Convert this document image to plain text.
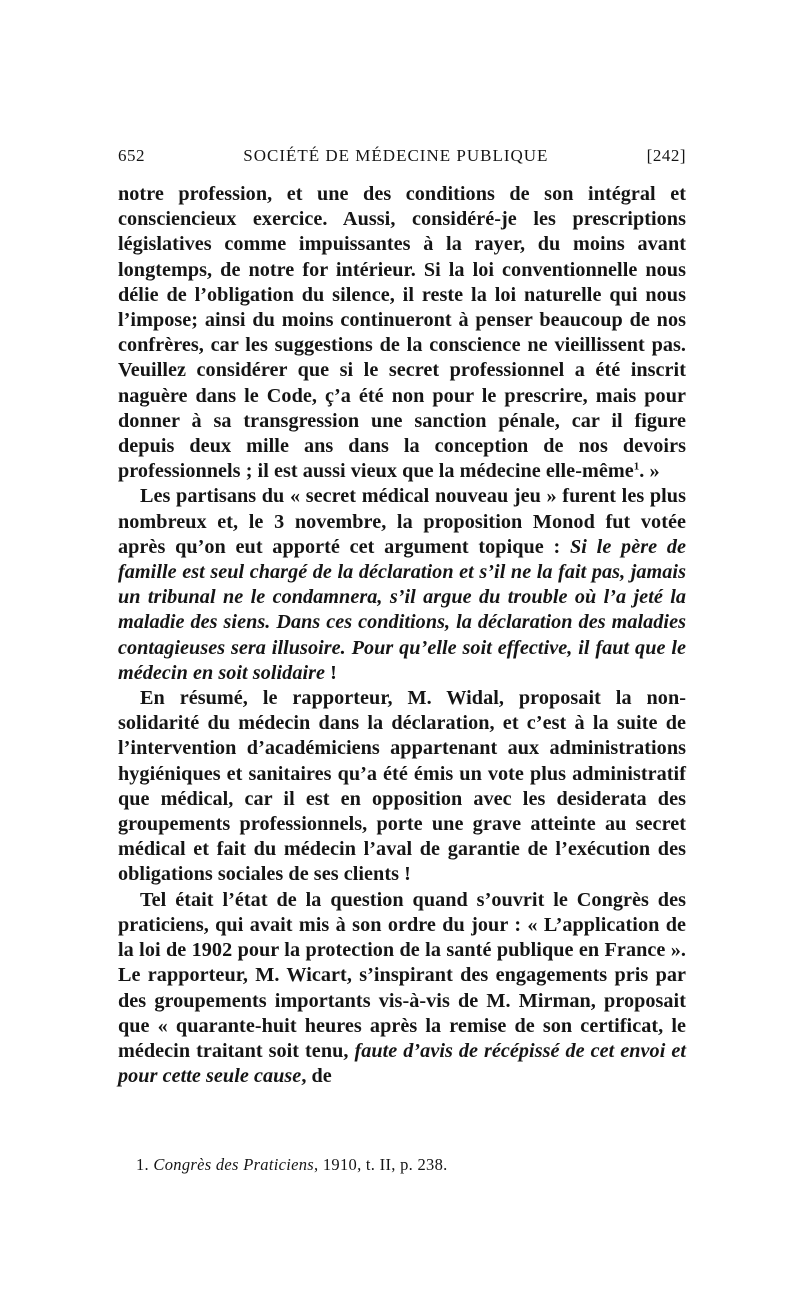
652	SOCIÉTÉ DE MÉDECINE PUBLIQUE	[242]

notre profession, et une des conditions de son intégral et consciencieux exercice. Aussi, considéré-je les prescriptions législatives comme impuissantes à la rayer, du moins avant longtemps, de notre for intérieur. Si la loi conventionnelle nous délie de l’obligation du silence, il reste la loi naturelle qui nous l’impose; ainsi du moins continueront à penser beaucoup de nos confrères, car les suggestions de la conscience ne vieillissent pas. Veuillez considérer que si le secret professionnel a été inscrit naguère dans le Code, ç’a été non pour le prescrire, mais pour donner à sa transgression une sanction pénale, car il figure depuis deux mille ans dans la conception de nos devoirs professionnels ; il est aussi vieux que la médecine elle-même$^1$. »

Les partisans du « secret médical nouveau jeu » furent les plus nombreux et, le 3 novembre, la proposition Monod fut votée après qu’on eut apporté cet argument topique : Si le père de famille est seul chargé de la déclaration et s’il ne la fait pas, jamais un tribunal ne le condamnera, s’il argue du trouble où l’a jeté la maladie des siens. Dans ces conditions, la déclaration des maladies contagieuses sera illusoire. Pour qu’elle soit effective, il faut que le médecin en soit solidaire !

En résumé, le rapporteur, M. Widal, proposait la non-solidarité du médecin dans la déclaration, et c’est à la suite de l’intervention d’académiciens appartenant aux administrations hygiéniques et sanitaires qu’a été émis un vote plus administratif que médical, car il est en opposition avec les desiderata des groupements professionnels, porte une grave atteinte au secret médical et fait du médecin l’aval de garantie de l’exécution des obligations sociales de ses clients !

Tel était l’état de la question quand s’ouvrit le Congrès des praticiens, qui avait mis à son ordre du jour : « L’application de la loi de 1902 pour la protection de la santé publique en France ». Le rapporteur, M. Wicart, s’inspirant des engagements pris par des groupements importants vis-à-vis de M. Mirman, proposait que « quarante-huit heures après la remise de son certificat, le médecin traitant soit tenu, faute d’avis de récépissé de cet envoi et pour cette seule cause, de

1. Congrès des Praticiens, 1910, t. II, p. 238.
